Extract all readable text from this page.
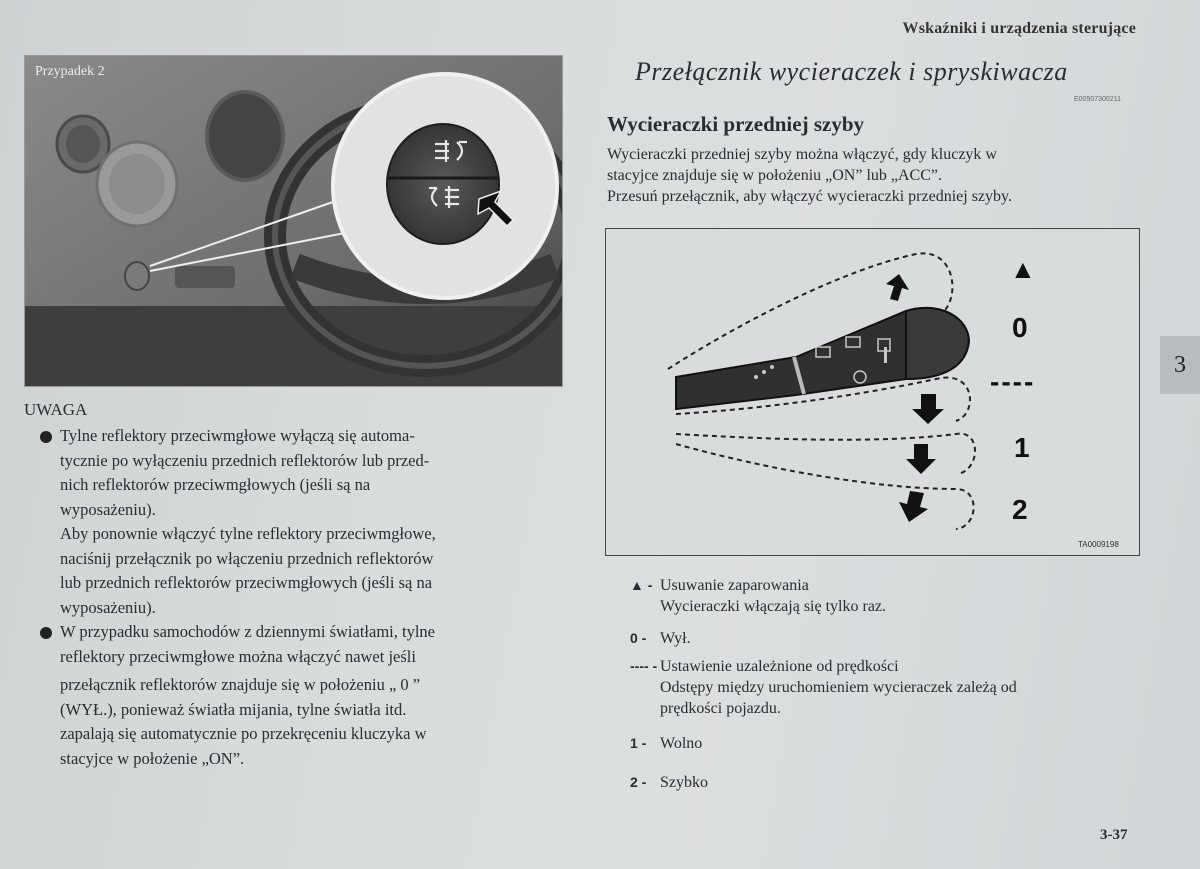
Wskaźniki i urządzenia sterujące
Przypadek 2
TA0009192
UWAGA

Tylne reflektory przeciwmgłowe wyłączą się automa-

tycznie po wyłączeniu przednich reflektorów lub przed-

nich reflektorów przeciwmgłowych (jeśli są na

wyposażeniu).

Aby ponownie włączyć tylne reflektory przeciwmgłowe,

naciśnij przełącznik po włączeniu przednich reflektorów

lub przednich reflektorów przeciwmgłowych (jeśli są na

wyposażeniu).

W przypadku samochodów z dziennymi światłami, tylne

reflektory przeciwmgłowe można włączyć nawet jeśli

przełącznik reflektorów znajduje się w położeniu „ 0 ”

(WYŁ.), ponieważ światła mijania, tylne światła itd.

zapalają się automatycznie po przekręceniu kluczyka w

stacyjce w położenie „ON”.

Przełącznik wycieraczek i spryskiwacza
E00507300211
Wycieraczki przedniej szyby

Wycieraczki przedniej szyby można włączyć, gdy kluczyk w

stacyjce znajduje się w położeniu „ON” lub „ACC”.

Przesuń przełącznik, aby włączyć wycieraczki przedniej szyby.

▲
0
----
1
2
TA0009198
▲ - Usuwanie zaparowania
Wycieraczki włączają się tylko raz.
0 - Wył.
---- - Ustawienie uzależnione od prędkości
Odstępy między uruchomieniem wycieraczek zależą od
prędkości pojazdu.
1 - Wolno
2 - Szybko
3
3-37
